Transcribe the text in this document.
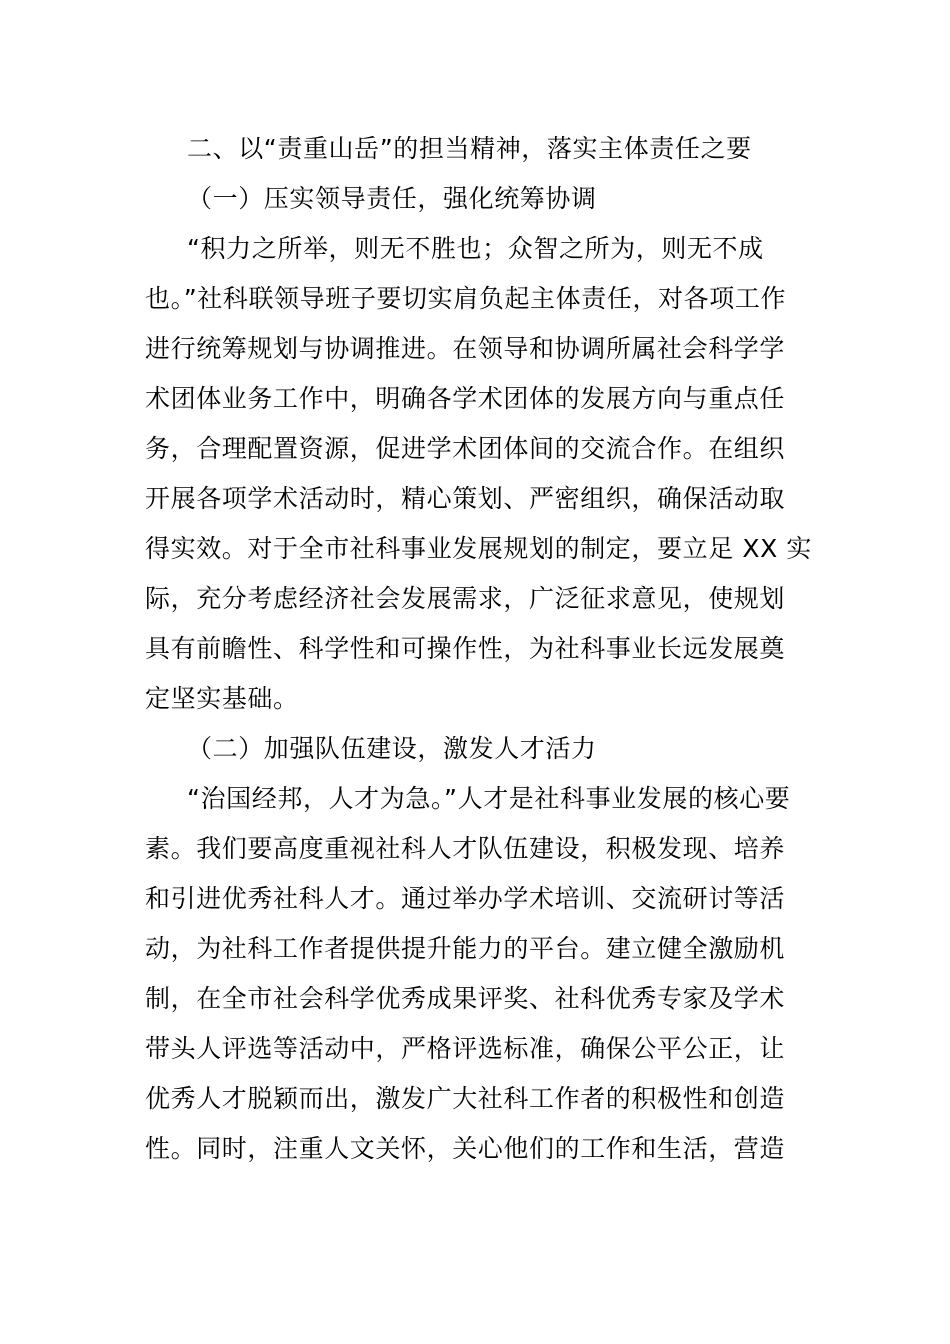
二、以“责重山岳”的担当精神，落实主体责任之要
（一）压实领导责任，强化统筹协调
“积力之所举，则无不胜也；众智之所为，则无不成
也。”社科联领导班子要切实肩负起主体责任，对各项工作
进行统筹规划与协调推进。在领导和协调所属社会科学学
术团体业务工作中，明确各学术团体的发展方向与重点任
务，合理配置资源，促进学术团体间的交流合作。在组织
开展各项学术活动时，精心策划、严密组织，确保活动取
得实效。对于全市社科事业发展规划的制定，要立足 XX 实
际，充分考虑经济社会发展需求，广泛征求意见，使规划
具有前瞻性、科学性和可操作性，为社科事业长远发展奠
定坚实基础。
（二）加强队伍建设，激发人才活力
“治国经邦，人才为急。”人才是社科事业发展的核心要
素。我们要高度重视社科人才队伍建设，积极发现、培养
和引进优秀社科人才。通过举办学术培训、交流研讨等活
动，为社科工作者提供提升能力的平台。建立健全激励机
制，在全市社会科学优秀成果评奖、社科优秀专家及学术
带头人评选等活动中，严格评选标准，确保公平公正，让
优秀人才脱颖而出，激发广大社科工作者的积极性和创造
性。同时，注重人文关怀，关心他们的工作和生活，营造
